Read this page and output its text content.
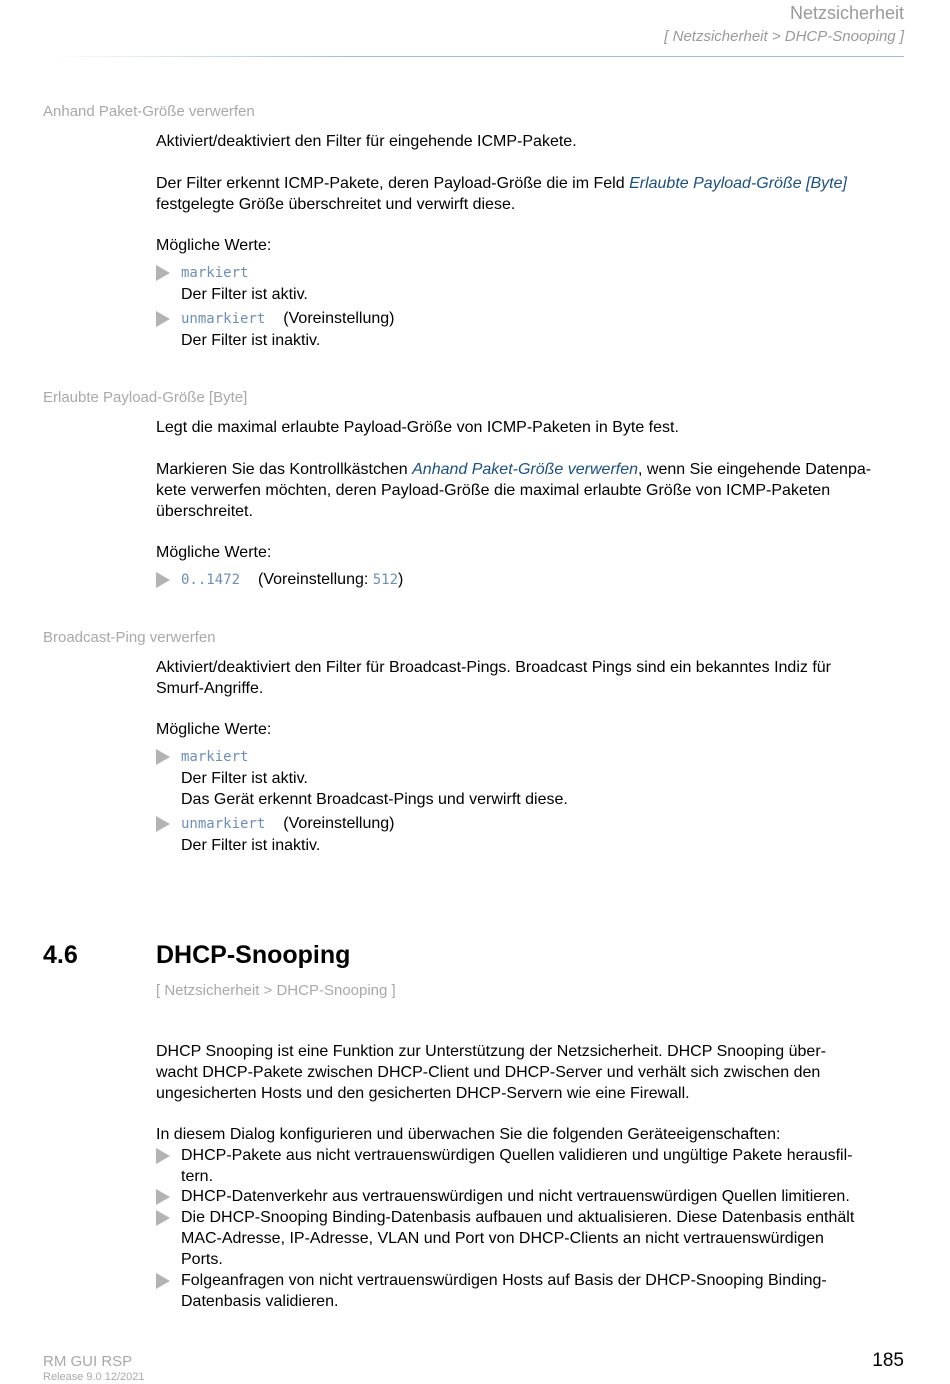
Netzsicherheit
[ Netzsicherheit > DHCP-Snooping ]
Anhand Paket-Größe verwerfen
Aktiviert/deaktiviert den Filter für eingehende ICMP-Pakete.
Der Filter erkennt ICMP-Pakete, deren Payload-Größe die im Feld Erlaubte Payload-Größe [Byte]
festgelegte Größe überschreitet und verwirft diese.
Mögliche Werte:
markiert
Der Filter ist aktiv.
unmarkiert (Voreinstellung)
Der Filter ist inaktiv.
Erlaubte Payload-Größe [Byte]
Legt die maximal erlaubte Payload-Größe von ICMP-Paketen in Byte fest.
Markieren Sie das Kontrollkästchen Anhand Paket-Größe verwerfen, wenn Sie eingehende Datenpa-
kete verwerfen möchten, deren Payload-Größe die maximal erlaubte Größe von ICMP-Paketen
überschreitet.
Mögliche Werte:
0..1472 (Voreinstellung: 512)
Broadcast-Ping verwerfen
Aktiviert/deaktiviert den Filter für Broadcast-Pings. Broadcast Pings sind ein bekanntes Indiz für
Smurf-Angriffe.
Mögliche Werte:
markiert
Der Filter ist aktiv.
Das Gerät erkennt Broadcast-Pings und verwirft diese.
unmarkiert (Voreinstellung)
Der Filter ist inaktiv.
4.6	DHCP-Snooping
[ Netzsicherheit > DHCP-Snooping ]
DHCP Snooping ist eine Funktion zur Unterstützung der Netzsicherheit. DHCP Snooping über-
wacht DHCP-Pakete zwischen DHCP-Client und DHCP-Server und verhält sich zwischen den
ungesicherten Hosts und den gesicherten DHCP-Servern wie eine Firewall.
In diesem Dialog konfigurieren und überwachen Sie die folgenden Geräteeigenschaften:
DHCP-Pakete aus nicht vertrauenswürdigen Quellen validieren und ungültige Pakete herausfil-
tern.
DHCP-Datenverkehr aus vertrauenswürdigen und nicht vertrauenswürdigen Quellen limitieren.
Die DHCP-Snooping Binding-Datenbasis aufbauen und aktualisieren. Diese Datenbasis enthält
MAC-Adresse, IP-Adresse, VLAN und Port von DHCP-Clients an nicht vertrauenswürdigen
Ports.
Folgeanfragen von nicht vertrauenswürdigen Hosts auf Basis der DHCP-Snooping Binding-
Datenbasis validieren.
RM GUI RSP
Release 9.0 12/2021
185
